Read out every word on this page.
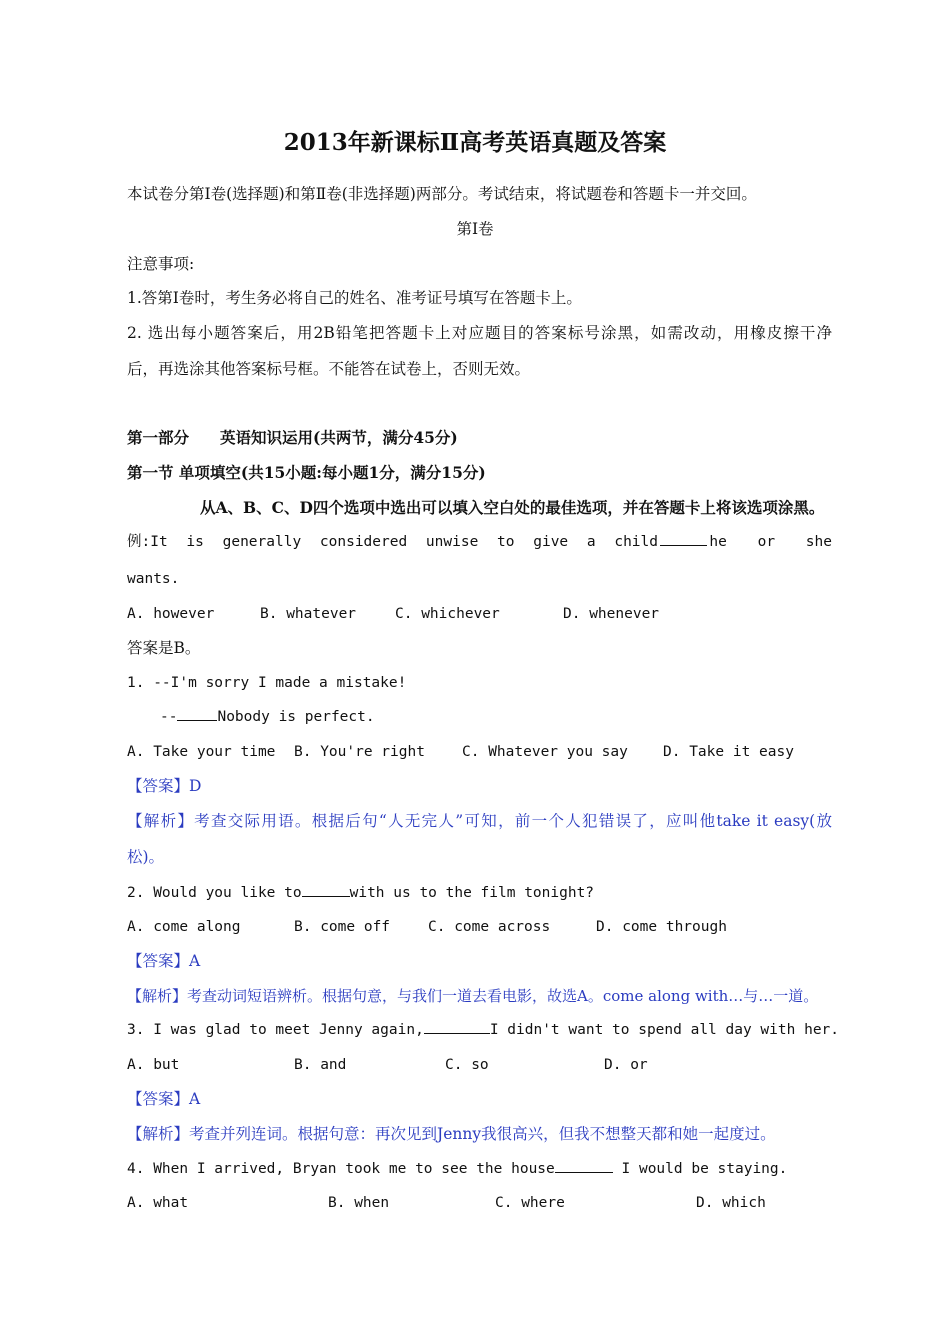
2013年新课标Ⅱ高考英语真题及答案
本试卷分第Ⅰ卷(选择题)和第Ⅱ卷(非选择题)两部分。考试结束，将试题卷和答题卡一并交回。
第Ⅰ卷
注意事项:
1.答第Ⅰ卷时，考生务必将自己的姓名、准考证号填写在答题卡上。
2. 选出每小题答案后，用2B铅笔把答题卡上对应题目的答案标号涂黑，如需改动，用橡皮擦干净
后，再选涂其他答案标号框。不能答在试卷上，否则无效。
第一部分　　英语知识运用(共两节，满分45分)
第一节 单项填空(共15小题:每小题1分，满分15分)
从A、B、C、D四个选项中选出可以填入空白处的最佳选项，并在答题卡上将该选项涂黑。
例:It is generally considered unwise to give a child	he or she
wants.
A. however	B. whatever	C. whichever	D. whenever
答案是B。
1. --I'm sorry I made a mistake!
--	Nobody is perfect.
A. Take your time B. You're right	C. Whatever you say D. Take it easy
【答案】D
【解析】考查交际用语。根据后句“人无完人”可知，前一个人犯错误了，应叫他take it easy(放
松)。
2. Would you like to	with us to the film tonight?
A. come along	B. come off	C. come across	D. come through
【答案】A
【解析】考查动词短语辨析。根据句意，与我们一道去看电影，故选A。come along with…与…一道。
3. I was glad to meet Jenny again,	I didn't want to spend all day with her.
A. but	B. and	C. so	D. or
【答案】A
【解析】考查并列连词。根据句意：再次见到Jenny我很高兴，但我不想整天都和她一起度过。
4. When I arrived, Bryan took me to see the house	I would be staying.
A. what	B. when	C. where	D. which
